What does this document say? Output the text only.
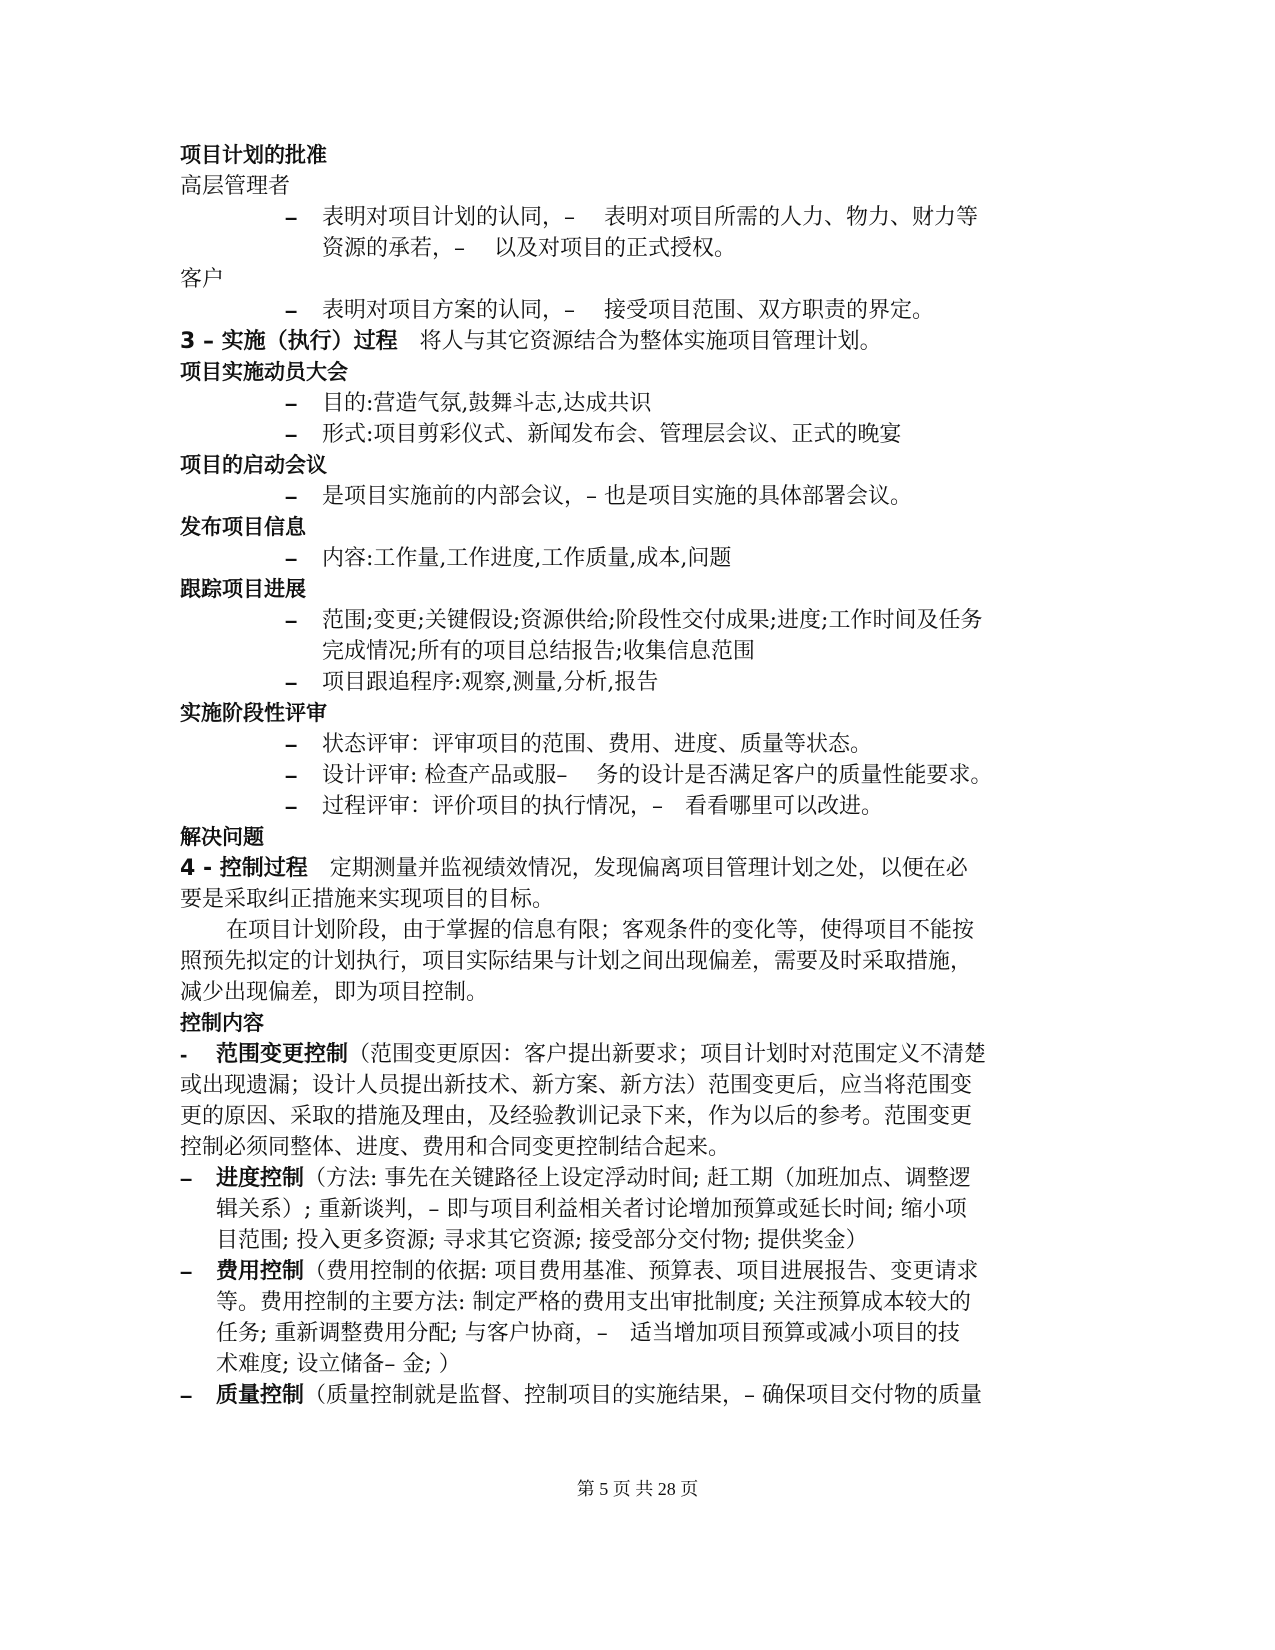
项目计划的批准
高层管理者
–	表明对项目计划的认同，–　 表明对项目所需的人力、物力、财力等
资源的承若，–　 以及对项目的正式授权。
客户
–	表明对项目方案的认同，–　 接受项目范围、双方职责的界定。
3 – 实施（执行）过程　将人与其它资源结合为整体实施项目管理计划。
项目实施动员大会
–	目的:营造气氛,鼓舞斗志,达成共识
–	形式:项目剪彩仪式、新闻发布会、管理层会议、正式的晚宴
项目的启动会议
–	是项目实施前的内部会议，– 也是项目实施的具体部署会议。
发布项目信息
–	内容:工作量,工作进度,工作质量,成本,问题
跟踪项目进展
–	范围;变更;关键假设;资源供给;阶段性交付成果;进度;工作时间及任务
完成情况;所有的项目总结报告;收集信息范围
–	项目跟追程序:观察,测量,分析,报告
实施阶段性评审
–	状态评审：评审项目的范围、费用、进度、质量等状态。
–	设计评审: 检查产品或服–　 务的设计是否满足客户的质量性能要求。
–	过程评审：评价项目的执行情况，–　看看哪里可以改进。
解决问题
4 - 控制过程　定期测量并监视绩效情况，发现偏离项目管理计划之处，以便在必
要是采取纠正措施来实现项目的目标。
在项目计划阶段，由于掌握的信息有限；客观条件的变化等，使得项目不能按
照预先拟定的计划执行，项目实际结果与计划之间出现偏差，需要及时采取措施，
减少出现偏差，即为项目控制。
控制内容
-	范围变更控制（范围变更原因：客户提出新要求；项目计划时对范围定义不清楚
或出现遗漏；设计人员提出新技术、新方案、新方法）范围变更后，应当将范围变
更的原因、采取的措施及理由，及经验教训记录下来，作为以后的参考。范围变更
控制必须同整体、进度、费用和合同变更控制结合起来。
–	进度控制（方法: 事先在关键路径上设定浮动时间; 赶工期（加班加点、调整逻
辑关系）; 重新谈判，– 即与项目利益相关者讨论增加预算或延长时间; 缩小项
目范围; 投入更多资源; 寻求其它资源; 接受部分交付物; 提供奖金）
–	费用控制（费用控制的依据: 项目费用基准、预算表、项目进展报告、变更请求
等。费用控制的主要方法: 制定严格的费用支出审批制度; 关注预算成本较大的
任务; 重新调整费用分配; 与客户协商，–　适当增加项目预算或减小项目的技
术难度; 设立储备– 金; ）
–	质量控制（质量控制就是监督、控制项目的实施结果，– 确保项目交付物的质量
第 5 页 共 28 页
